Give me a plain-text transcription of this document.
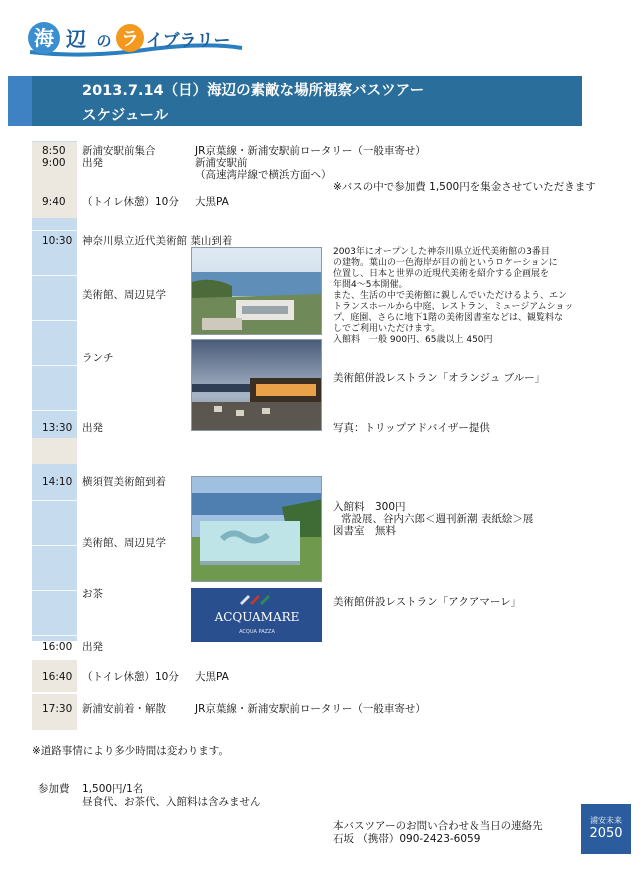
海 辺 の ラ イブラリー
2013.7.14（日）海辺の素敵な場所視察バスツアー
スケジュール
8:50
9:00
新浦安駅前集合
出発
JR京葉線・新浦安駅前ロータリー（一般車寄せ）
新浦安駅前
（高速湾岸線で横浜方面へ）
※バスの中で参加費 1,500円を集金させていただきます
9:40 （トイレ休憩）10分 大黒PA
10:30 神奈川県立近代美術館 葉山到着
2003年にオープンした神奈川県立近代美術館の3番目
の建物。葉山の一色海岸が目の前というロケーションに
位置し、日本と世界の近現代美術を紹介する企画展を
年間4～5本開催。
また、生活の中で美術館に親しんでいただけるよう、エン
トランスホールから中庭、レストラン、ミュージアムショッ
プ、庭園、さらに地下1階の美術図書室などは、観覧料な
しでご利用いただけます。
入館料　一般 900円、65歳以上 450円
美術館、周辺見学
ランチ
美術館併設レストラン「オランジュ ブルー」
13:30 出発	写真：トリップアドバイザー提供
14:10 横須賀美術館到着
入館料　300円
常設展、谷内六郎＜週刊新潮 表紙絵＞展
図書室　無料
美術館、周辺見学
お茶
ACQUAMARE
ACQUA PAZZA
美術館併設レストラン「アクアマーレ」
16:00 出発
16:40 （トイレ休憩）10分 大黒PA
17:30 新浦安前着・解散	JR京葉線・新浦安駅前ロータリー（一般車寄せ）
※道路事情により多少時間は変わります。
参加費 1,500円/1名
昼食代、お茶代、入館料は含みません
本バスツアーのお問い合わせ＆当日の連絡先
石坂 （携帯）090-2423-6059
浦安未来
2050
